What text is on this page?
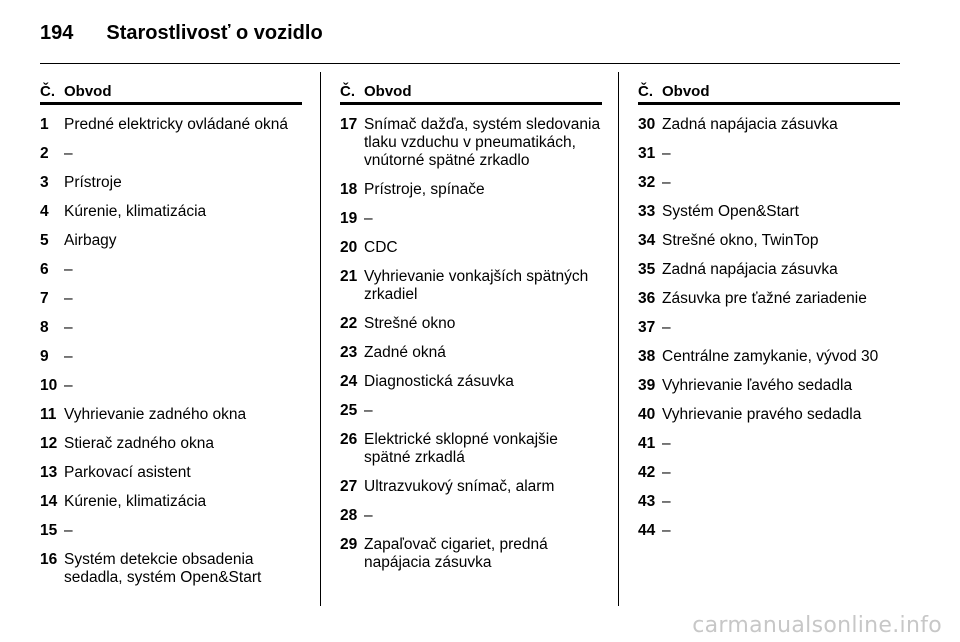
194 Starostlivosť o vozidlo
Č. Obvod
1 Predné elektricky ovládané okná
2 –
3 Prístroje
4 Kúrenie, klimatizácia
5 Airbagy
6 –
7 –
8 –
9 –
10 –
11 Vyhrievanie zadného okna
12 Stierač zadného okna
13 Parkovací asistent
14 Kúrenie, klimatizácia
15 –
16 Systém detekcie obsadenia sedadla, systém Open&Start
Č. Obvod
17 Snímač dažďa, systém sledovania tlaku vzduchu v pneumatikách, vnútorné spätné zrkadlo
18 Prístroje, spínače
19 –
20 CDC
21 Vyhrievanie vonkajších spätných zrkadiel
22 Strešné okno
23 Zadné okná
24 Diagnostická zásuvka
25 –
26 Elektrické sklopné vonkajšie spätné zrkadlá
27 Ultrazvukový snímač, alarm
28 –
29 Zapaľovač cigariet, predná napájacia zásuvka
Č. Obvod
30 Zadná napájacia zásuvka
31 –
32 –
33 Systém Open&Start
34 Strešné okno, TwinTop
35 Zadná napájacia zásuvka
36 Zásuvka pre ťažné zariadenie
37 –
38 Centrálne zamykanie, vývod 30
39 Vyhrievanie ľavého sedadla
40 Vyhrievanie pravého sedadla
41 –
42 –
43 –
44 –
carmanualsonline.info
